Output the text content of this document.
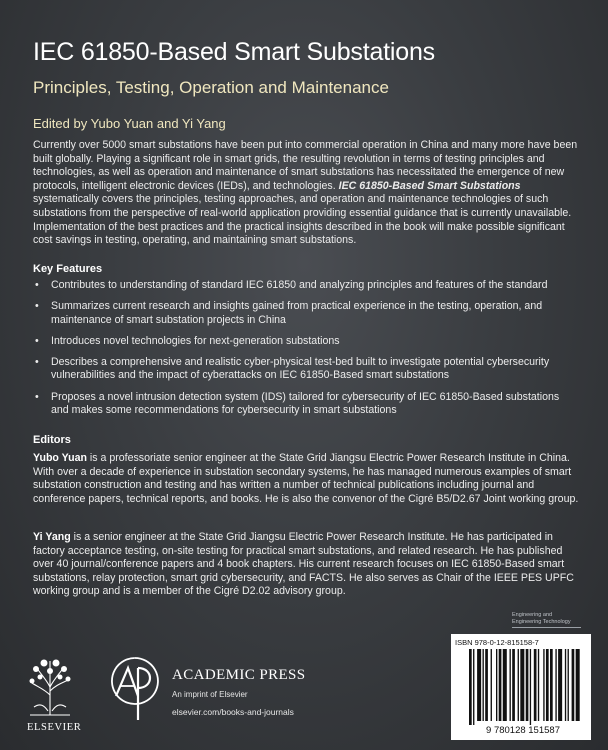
IEC 61850-Based Smart Substations
Principles, Testing, Operation and Maintenance
Edited by Yubo Yuan and Yi Yang
Currently over 5000 smart substations have been put into commercial operation in China and many more have been built globally. Playing a significant role in smart grids, the resulting revolution in terms of testing principles and technologies, as well as operation and maintenance of smart substations has necessitated the emergence of new protocols, intelligent electronic devices (IEDs), and technologies. IEC 61850-Based Smart Substations systematically covers the principles, testing approaches, and operation and maintenance technologies of such substations from the perspective of real-world application providing essential guidance that is currently unavailable. Implementation of the best practices and the practical insights described in the book will make possible significant cost savings in testing, operating, and maintaining smart substations.
Key Features
• Contributes to understanding of standard IEC 61850 and analyzing principles and features of the standard
• Summarizes current research and insights gained from practical experience in the testing, operation, and maintenance of smart substation projects in China
• Introduces novel technologies for next-generation substations
• Describes a comprehensive and realistic cyber-physical test-bed built to investigate potential cybersecurity vulnerabilities and the impact of cyberattacks on IEC 61850-Based smart substations
• Proposes a novel intrusion detection system (IDS) tailored for cybersecurity of IEC 61850-Based substations and makes some recommendations for cybersecurity in smart substations
Editors
Yubo Yuan is a professoriate senior engineer at the State Grid Jiangsu Electric Power Research Institute in China. With over a decade of experience in substation secondary systems, he has managed numerous examples of smart substation construction and testing and has written a number of technical publications including journal and conference papers, technical reports, and books. He is also the convenor of the Cigré B5/D2.67 Joint working group.
Yi Yang is a senior engineer at the State Grid Jiangsu Electric Power Research Institute. He has participated in factory acceptance testing, on-site testing for practical smart substations, and related research. He has published over 40 journal/conference papers and 4 book chapters. His current research focuses on IEC 61850-Based smart substations, relay protection, smart grid cybersecurity, and FACTS. He also serves as Chair of the IEEE PES UPFC working group and is a member of the Cigré D2.02 advisory group.
Engineering and
Engineering Technology
ELSEVIER
ACADEMIC PRESS
An imprint of Elsevier
elsevier.com/books-and-journals
ISBN 978-0-12-815158-7
9 780128 151587
